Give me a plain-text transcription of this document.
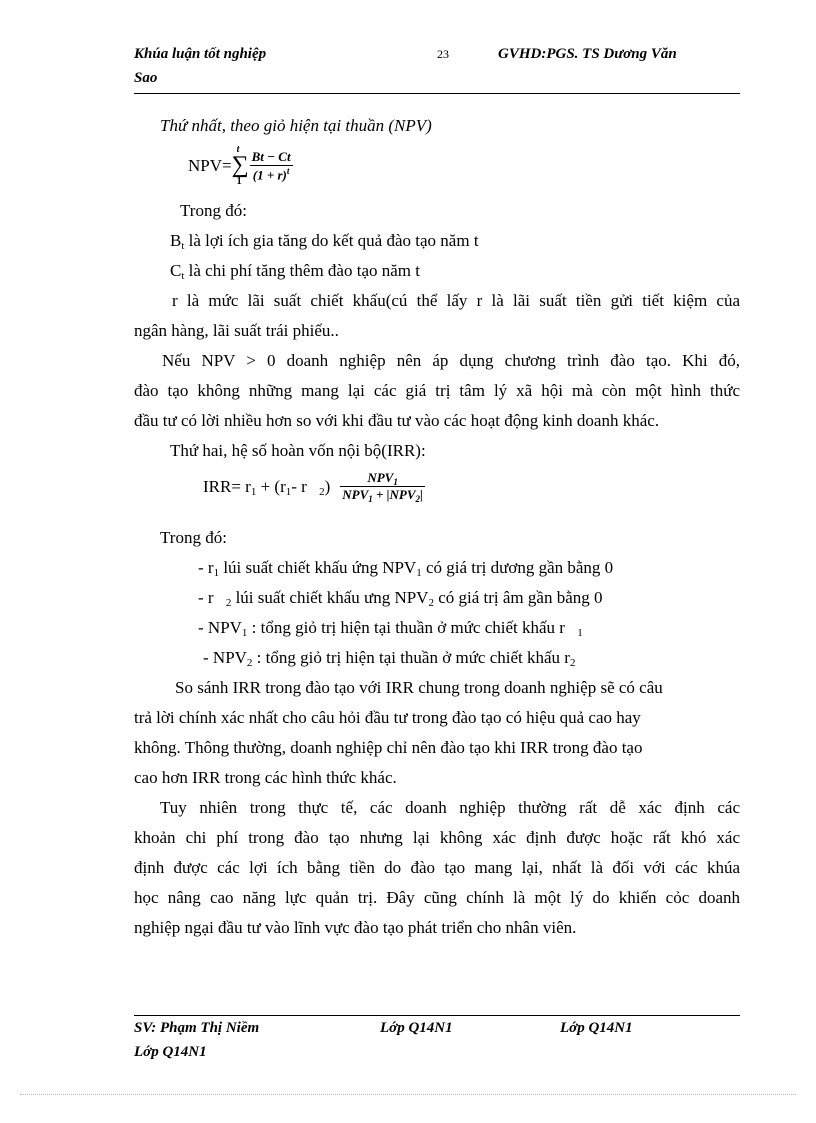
Khúa luận tốt nghiệp
Sao
23	GVHD:PGS. TS Dương Văn
Thứ nhất, theo giỏ hiện tại thuần (NPV)
NPV=
t
∑
$1 \frac{Bt - Ct}{(1 + r)^t}$
Trong đó:
$B_t$ là lợi ích gia tăng do kết quả đào tạo năm t
$C_t$ là chi phí tăng thêm đào tạo năm t
r là mức lãi suất chiết khấu(cú thể lấy r là lãi suất tiền gửi tiết kiệm của
ngân hàng, lãi suất trái phiếu..
Nếu NPV > 0 doanh nghiệp nên áp dụng chương trình đào tạo. Khi đó,
đào tạo không những mang lại các giá trị tâm lý xã hội mà còn một hình thức
đầu tư có lời nhiều hơn so với khi đầu tư vào các hoạt động kinh doanh khác.
Thứ hai, hệ số hoàn vốn nội bộ(IRR):
$IRR= r_1 + (r_1-$ r $_2) \frac{NPV_1}{NPV_1 + |NPV_2|}$
Trong đó:
- $r_1$ lúi suất chiết khấu ứng $NPV_1$ có giá trị dương gần bằng 0
- r $_2$ lúi suất chiết khấu ưng $NPV_2$ có giá trị âm gần bằng 0
- $NPV_1$ : tổng giỏ trị hiện tại thuần ở mức chiết khấu r $_1$
- $NPV_2$ : tổng giỏ trị hiện tại thuần ở mức chiết khấu $r_2$
So sánh IRR trong đào tạo với IRR chung trong doanh nghiệp sẽ có câu
trả lời chính xác nhất cho câu hỏi đầu tư trong đào tạo có hiệu quả cao hay
không. Thông thường, doanh nghiệp chỉ nên đào tạo khi IRR trong đào tạo
cao hơn IRR trong các hình thức khác.
Tuy nhiên trong thực tế, các doanh nghiệp thường rất dễ xác định các
khoản chi phí trong đào tạo nhưng lại không xác định được hoặc rất khó xác
định được các lợi ích bằng tiền do đào tạo mang lại, nhất là đối với các khúa
học nâng cao năng lực quản trị. Đây cũng chính là một lý do khiến cỏc doanh
nghiệp ngại đầu tư vào lĩnh vực đào tạo phát triển cho nhân viên.
SV: Phạm Thị Niềm	Lớp Q14N1	Lớp Q14N1
Lớp Q14N1
